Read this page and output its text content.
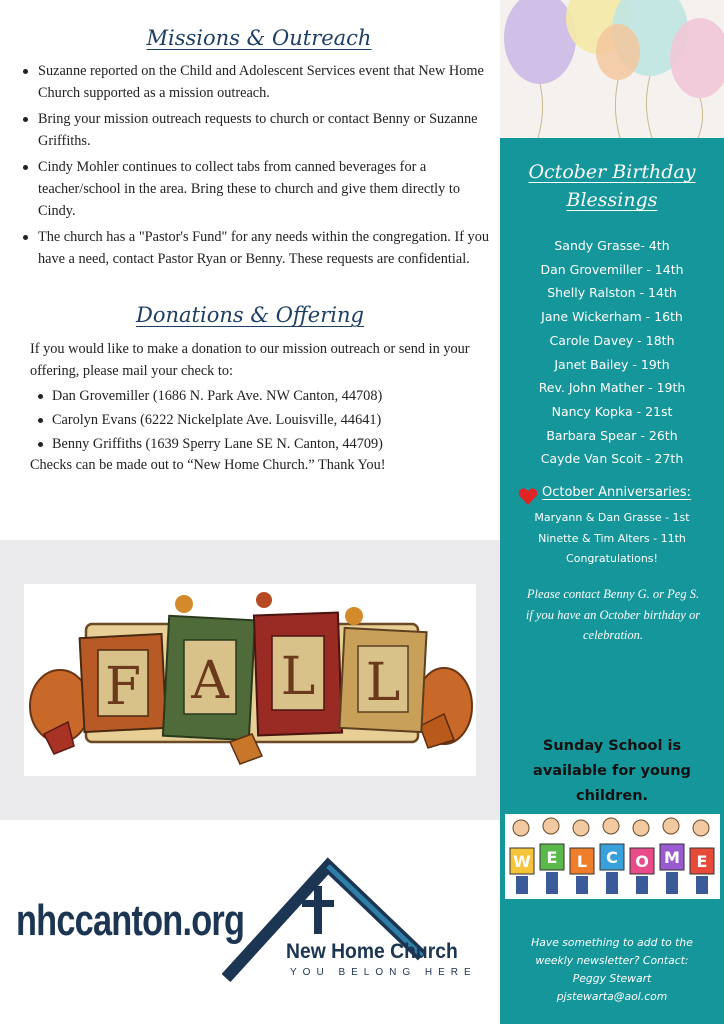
Missions & Outreach
Suzanne reported on the Child and Adolescent Services event that New Home Church supported as a mission outreach.
Bring your mission outreach requests to church or contact Benny or Suzanne Griffiths.
Cindy Mohler continues to collect tabs from canned beverages for a teacher/school in the area. Bring these to church and give them directly to Cindy.
The church has a "Pastor's Fund" for any needs within the congregation. If you have a need, contact Pastor Ryan or Benny. These requests are confidential.
Donations & Offering

If you would like to make a donation to our mission outreach or send in your offering, please mail your check to:

Dan Grovemiller (1686 N. Park Ave. NW Canton, 44708)
Carolyn Evans (6222 Nickelplate Ave. Louisville, 44641)
Benny Griffiths (1639 Sperry Lane SE N. Canton, 44709)

Checks can be made out to “New Home Church.” Thank You!

F A L L
nhccanton.org
New Home Church
YOU BELONG HERE
October Birthday
Blessings
Sandy Grasse- 4th
Dan Grovemiller - 14th
Shelly Ralston - 14th
Jane Wickerham - 16th
Carole Davey - 18th
Janet Bailey - 19th
Rev. John Mather - 19th
Nancy Kopka - 21st
Barbara Spear - 26th
Cayde Van Scoit - 27th
October Anniversaries:
Maryann & Dan Grasse - 1st
Ninette & Tim Alters - 11th
Congratulations!

Please contact Benny G. or Peg S. if you have an October birthday or celebration.

Sunday School is
available for young
children.

W E L C O M E

Have something to add to the
weekly newsletter? Contact:
Peggy Stewart
pjstewarta@aol.com
